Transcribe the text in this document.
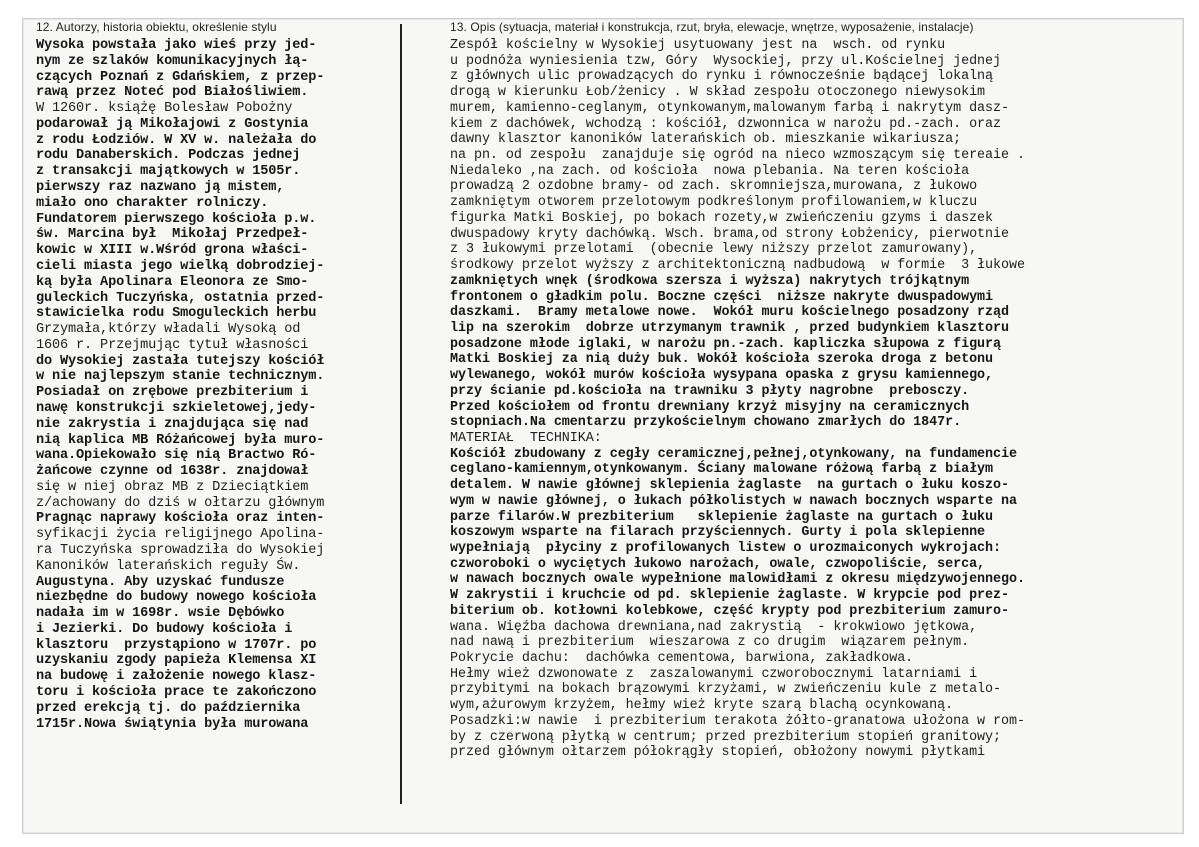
12. Autorzy, historia obiektu, określenie stylu
Wysoka powstała jako wieś przy jed-
nym ze szlaków komunikacyjnych łą-
czących Poznań z Gdańskiem, z przep-
rawą przez Noteć pod Białośliwiem.
W 1260r. książę Bolesław Pobożny
podarował ją Mikołajowi z Gostynia
z rodu Łodziów. W XV w. należała do
rodu Danaberskich. Podczas jednej
z transakcji majątkowych w 1505r.
pierwszy raz nazwano ją mistem,
miało ono charakter rolniczy.
Fundatorem pierwszego kościoła p.w.
św. Marcina był  Mikołaj Przedpeł-
kowic w XIII w.Wśród grona właści-
cieli miasta jego wielką dobrodziej-
ką była Apolinara Eleonora ze Smo-
guleckich Tuczyńska, ostatnia przed-
stawicielka rodu Smoguleckich herbu
Grzymała,którzy władali Wysoką od
1606 r. Przejmując tytuł własności
do Wysokiej zastała tutejszy kościół
w nie najlepszym stanie technicznym.
Posiadał on zrębowe prezbiterium i
nawę konstrukcji szkieletowej,jedy-
nie zakrystia i znajdująca się nad
nią kaplica MB Różańcowej była muro-
wana.Opiekowało się nią Bractwo Ró-
żańcowe czynne od 1638r. znajdował
się w niej obraz MB z Dzieciątkiem
z/achowany do dziś w ołtarzu głównym
Pragnąc naprawy kościoła oraz inten-
syfikacji życia religijnego Apolina-
ra Tuczyńska sprowadziła do Wysokiej
Kanoników laterańskich reguły Św.
Augustyna. Aby uzyskać fundusze
niezbędne do budowy nowego kościoła
nadała im w 1698r. wsie Dębówko
i Jezierki. Do budowy kościoła i
klasztoru  przystąpiono w 1707r. po
uzyskaniu zgody papieża Klemensa XI
na budowę i założenie nowego klasz-
toru i kościoła prace te zakończono
przed erekcją tj. do października
1715r.Nowa świątynia była murowana
13. Opis (sytuacja, materiał i konstrukcja, rzut, bryła, elewacje, wnętrze, wyposażenie, instalacje)
Zespół kościelny w Wysokiej usytuowany jest na  wsch. od rynku
u podnóża wyniesienia tzw, Góry  Wysockiej, przy ul.Kościelnej jednej
z głównych ulic prowadzących do rynku i równocześnie bądącej lokalną
drogą w kierunku Łob/żenicy . W skład zespołu otoczonego niewysokim
murem, kamienno-ceglanym, otynkowanym,malowanym farbą i nakrytym dasz-
kiem z dachówek, wchodzą : kościół, dzwonnica w narożu pd.-zach. oraz
dawny klasztor kanoników laterańskich ob. mieszkanie wikariusza;
na pn. od zespołu  zanajduje się ogród na nieco wzmoszącym się tereaie .
Niedaleko ,na zach. od kościoła  nowa plebania. Na teren kościoła
prowadzą 2 ozdobne bramy- od zach. skromniejsza,murowana, z łukowo
zamkniętym otworem przelotowym podkreślonym profilowaniem,w kluczu
figurka Matki Boskiej, po bokach rozety,w zwieńczeniu gzyms i daszek
dwuspadowy kryty dachówką. Wsch. brama,od strony Łobżenicy, pierwotnie
z 3 łukowymi przelotami  (obecnie lewy niższy przelot zamurowany),
środkowy przelot wyższy z architektoniczną nadbudową  w formie  3 łukowe
zamkniętych wnęk (środkowa szersza i wyższa) nakrytych trójkątnym
frontonem o gładkim polu. Boczne części  niższe nakryte dwuspadowymi
daszkami.  Bramy metalowe nowe.  Wokół muru kościelnego posadzony rząd
lip na szerokim  dobrze utrzymanym trawnik , przed budynkiem klasztoru
posadzone młode iglaki, w narożu pn.-zach. kapliczka słupowa z figurą
Matki Boskiej za nią duży buk. Wokół kościoła szeroka droga z betonu
wylewanego, wokół murów kościoła wysypana opaska z grysu kamiennego,
przy ścianie pd.kościoła na trawniku 3 płyty nagrobne  prebosczy.
Przed kościołem od frontu drewniany krzyż misyjny na ceramicznych
stopniach.Na cmentarzu przykościelnym chowano zmarłych do 1847r.
MATERIAŁ  TECHNIKA:
Kościół zbudowany z cegły ceramicznej,pełnej,otynkowany, na fundamencie
ceglano-kamiennym,otynkowanym. Ściany malowane różową farbą z białym
detalem. W nawie głównej sklepienia żaglaste  na gurtach o łuku koszo-
wym w nawie głównej, o łukach półkolistych w nawach bocznych wsparte na
parze filarów.W prezbiterium   sklepienie żaglaste na gurtach o łuku
koszowym wsparte na filarach przyściennych. Gurty i pola sklepienne
wypełniają  płyciny z profilowanych listew o urozmaiconych wykrojach:
czworoboki o wyciętych łukowo narożach, owale, czwороliście, serca,
w nawach bocznych owale wypełnione malowidłami z okresu międzywojennego.
W zakrystii i kruchcie od pd. sklepienie żaglaste. W krypcie pod prez-
biterium ob. kotłowni kolebkowe, część krypty pod prezbiterium zamuro-
wana. Więźba dachowa drewniana,nad zakrystią  - krokwiowo jętkowa,
nad nawą i prezbiterium  wieszarowa z co drugim  wiązarem pełnym.
Pokrycie dachu:  dachówka cementowa, barwiona, zakładkowa.
Hełmy wież dzwonowate z  zaszalowanymi czworobocznymi latarniami i
przybitymi na bokach brązowymi krzyżami, w zwieńczeniu kule z metalo-
wym,ażurowym krzyżem, hełmy wież kryte szarą blachą ocynkowaną.
Posadzki:w nawie  i prezbiterium terakota żółto-granatowa ułożona w rom-
by z czerwoną płytką w centrum; przed prezbiterium stopień granitowy;
przed głównym ołtarzem półokrągły stopień, obłożony nowymi płytkami
